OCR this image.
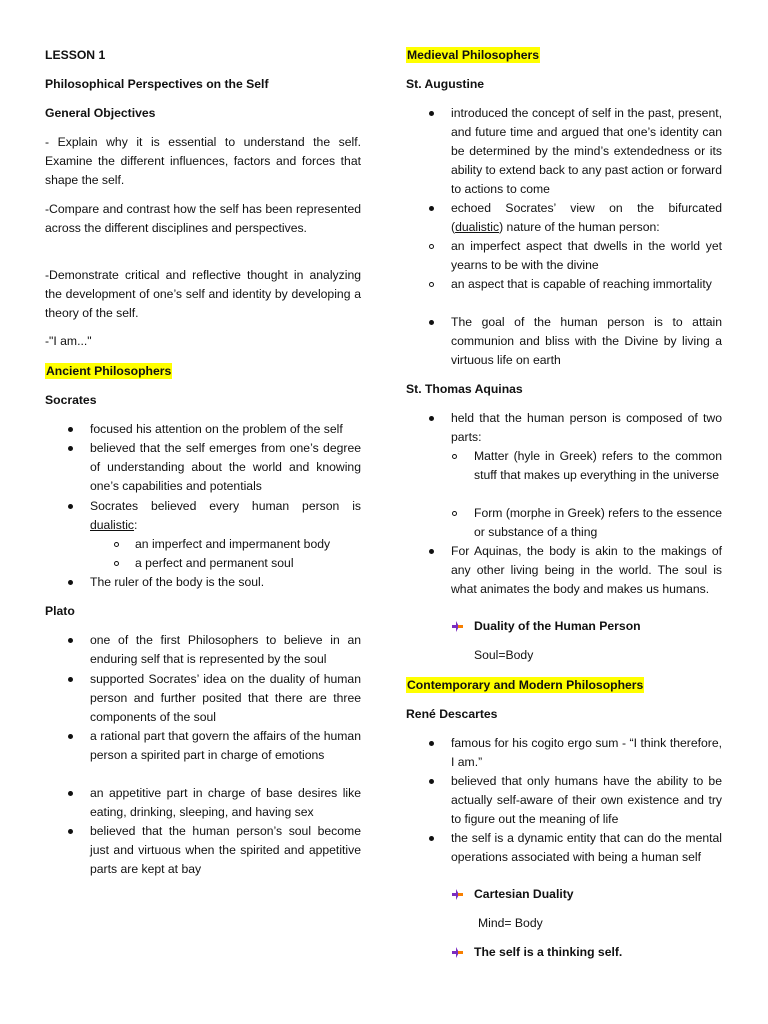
LESSON 1
Philosophical Perspectives on the Self
General Objectives
- Explain why it is essential to understand the self. Examine the different influences, factors and forces that shape the self.
-Compare and contrast how the self has been represented across the different disciplines and perspectives.
-Demonstrate critical and reflective thought in analyzing the development of one’s self and identity by developing a theory of the self.
-"I am..."
Ancient Philosophers
Socrates
focused his attention on the problem of the self
believed that the self emerges from one’s degree of understanding about the world and knowing one’s capabilities and potentials
Socrates believed every human person is dualistic:
an imperfect and impermanent body
a perfect and permanent soul
The ruler of the body is the soul.
Plato
one of the first Philosophers to believe in an enduring self that is represented by the soul
supported Socrates’ idea on the duality of human person and further posited that there are three components of the soul
a rational part that govern the affairs of the human person a spirited part in charge of emotions
an appetitive part in charge of base desires like eating, drinking, sleeping, and having sex
believed that the human person’s soul become just and virtuous when the spirited and appetitive parts are kept at bay
Medieval Philosophers
St. Augustine
introduced the concept of self in the past, present, and future time and argued that one’s identity can be determined by the mind’s extendedness or its ability to extend back to any past action or forward to actions to come
echoed Socrates’ view on the bifurcated (dualistic) nature of the human person:
an imperfect aspect that dwells in the world yet yearns to be with the divine
an aspect that is capable of reaching immortality
The goal of the human person is to attain communion and bliss with the Divine by living a virtuous life on earth
St. Thomas Aquinas
held that the human person is composed of two parts:
Matter (hyle in Greek) refers to the common stuff that makes up everything in the universe
Form (morphe in Greek) refers to the essence or substance of a thing
For Aquinas, the body is akin to the makings of any other living being in the world. The soul is what animates the body and makes us humans.
Duality of the Human Person
Soul=Body
Contemporary and Modern Philosophers
René Descartes
famous for his cogito ergo sum - “I think therefore, I am.”
believed that only humans have the ability to be actually self-aware of their own existence and try to figure out the meaning of life
the self is a dynamic entity that can do the mental operations associated with being a human self
Cartesian Duality
Mind= Body
The self is a thinking self.
